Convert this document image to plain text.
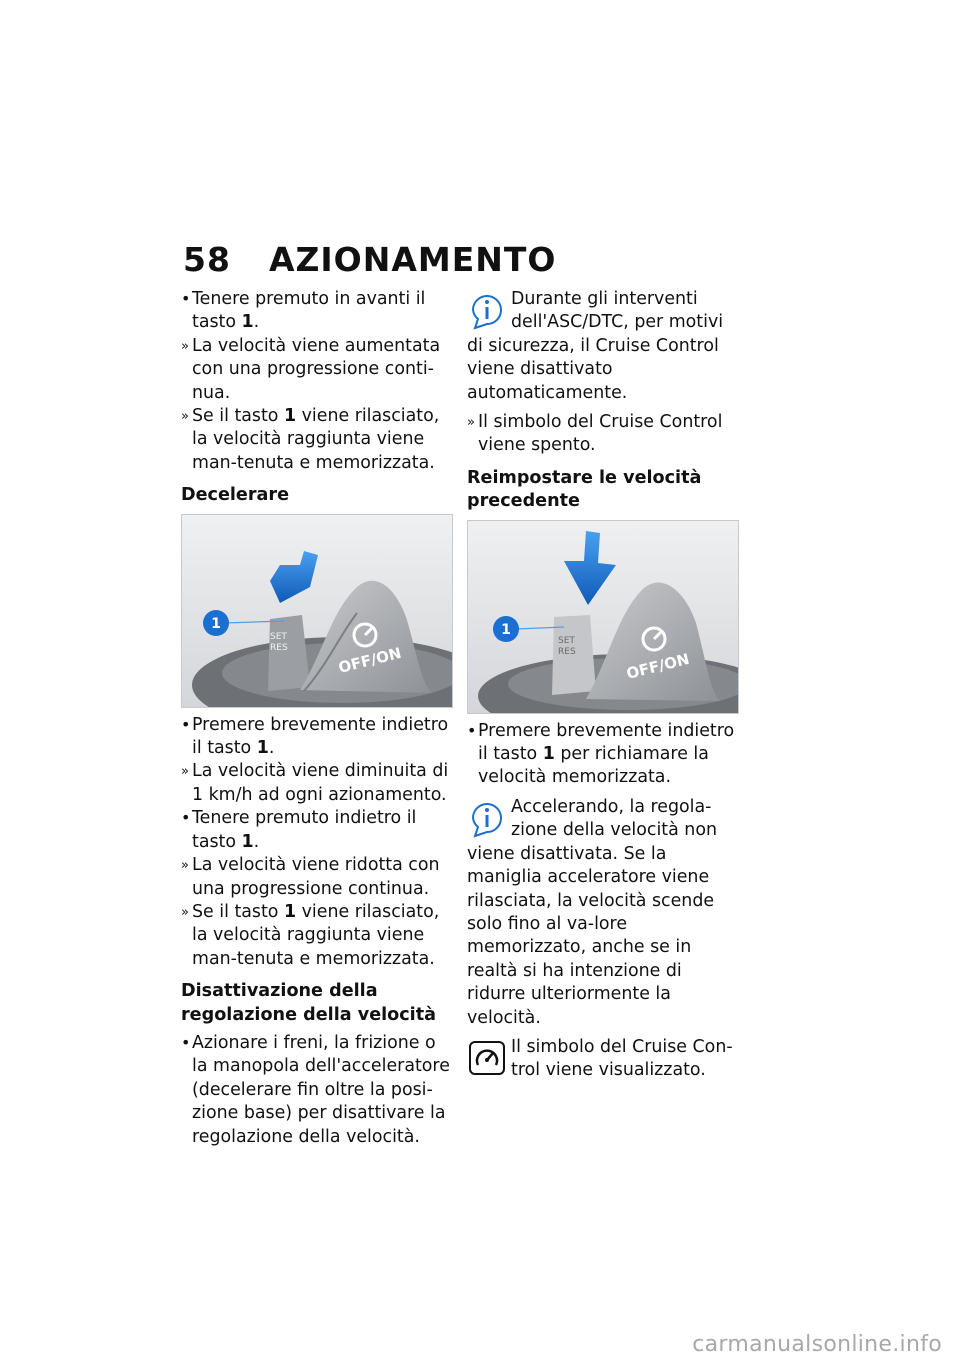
58 AZIONAMENTO
• Tenere premuto in avanti il tasto 1.
» La velocità viene aumentata con una progressione conti-nua.
» Se il tasto 1 viene rilasciato, la velocità raggiunta viene man-tenuta e memorizzata.
Decelerare
OFF/ON
SET
RES
1
• Premere brevemente indietro il tasto 1.
» La velocità viene diminuita di 1 km/h ad ogni azionamento.
• Tenere premuto indietro il tasto 1.
» La velocità viene ridotta con una progressione continua.
» Se il tasto 1 viene rilasciato, la velocità raggiunta viene man-tenuta e memorizzata.
Disattivazione della regolazione della velocità
• Azionare i freni, la frizione o la manopola dell'acceleratore (decelerare fin oltre la posi-zione base) per disattivare la regolazione della velocità.

Durante gli interventi dell'ASC/DTC, per motivi di sicurezza, il Cruise Control viene disattivato automaticamente.

» Il simbolo del Cruise Control viene spento.
Reimpostare le velocità precedente
OFF/ON
SET
RES
1
• Premere brevemente indietro il tasto 1 per richiamare la velocità memorizzata.

Accelerando, la regola-zione della velocità non viene disattivata. Se la maniglia acceleratore viene rilasciata, la velocità scende solo fino al va-lore memorizzato, anche se in realtà si ha intenzione di ridurre ulteriormente la velocità.

Il simbolo del Cruise Con-trol viene visualizzato.

carmanualsonline.info
